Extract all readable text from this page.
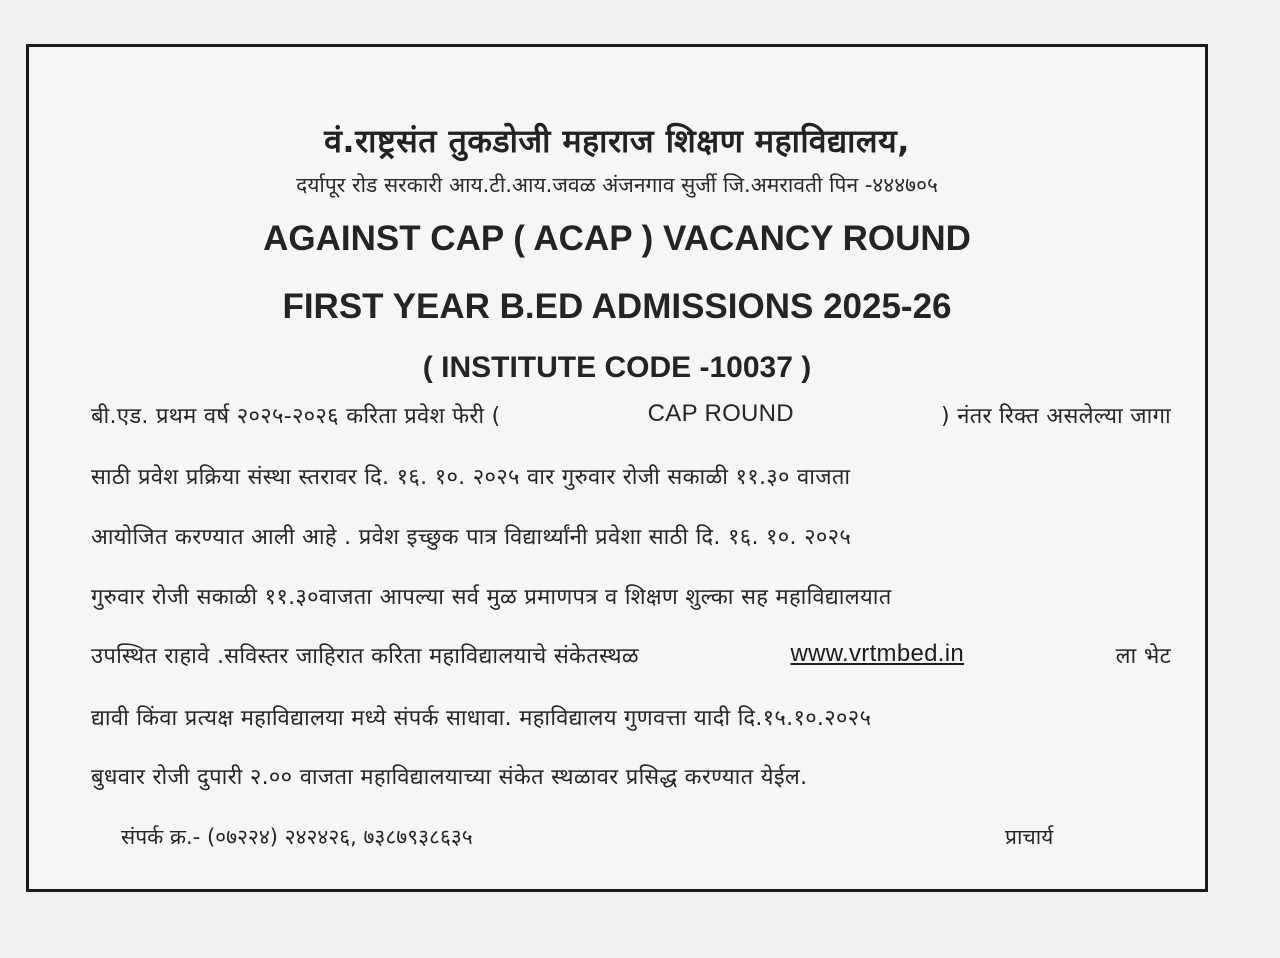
वं.राष्ट्रसंत तुकडोजी महाराज शिक्षण महाविद्यालय,
दर्यापूर रोड सरकारी आय.टी.आय.जवळ अंजनगाव सुर्जी जि.अमरावती पिन -४४४७०५
AGAINST CAP ( ACAP ) VACANCY ROUND
FIRST YEAR B.ED ADMISSIONS 2025-26
( INSTITUTE CODE -10037 )
बी.एड. प्रथम वर्ष २०२५-२०२६ करिता प्रवेश फेरी (	CAP ROUND	) नंतर रिक्त असलेल्या जागा
साठी प्रवेश प्रक्रिया संस्था स्तरावर दि. १६. १०. २०२५ वार गुरुवार रोजी सकाळी ११.३० वाजता
आयोजित करण्यात आली आहे . प्रवेश इच्छुक पात्र विद्यार्थ्यांनी प्रवेशा साठी दि. १६. १०. २०२५
गुरुवार रोजी सकाळी ११.३०वाजता आपल्या सर्व मुळ प्रमाणपत्र व शिक्षण शुल्का सह महाविद्यालयात
उपस्थित राहावे .सविस्तर जाहिरात करिता महाविद्यालयाचे संकेतस्थळ	www.vrtmbed.in	ला भेट
द्यावी किंवा प्रत्यक्ष महाविद्यालया मध्ये संपर्क साधावा. महाविद्यालय गुणवत्ता यादी दि.१५.१०.२०२५
बुधवार रोजी दुपारी २.०० वाजता महाविद्यालयाच्या संकेत स्थळावर प्रसिद्ध करण्यात येईल.
संपर्क क्र.- (०७२२४) २४२४२६, ७३८७९३८६३५	प्राचार्य
